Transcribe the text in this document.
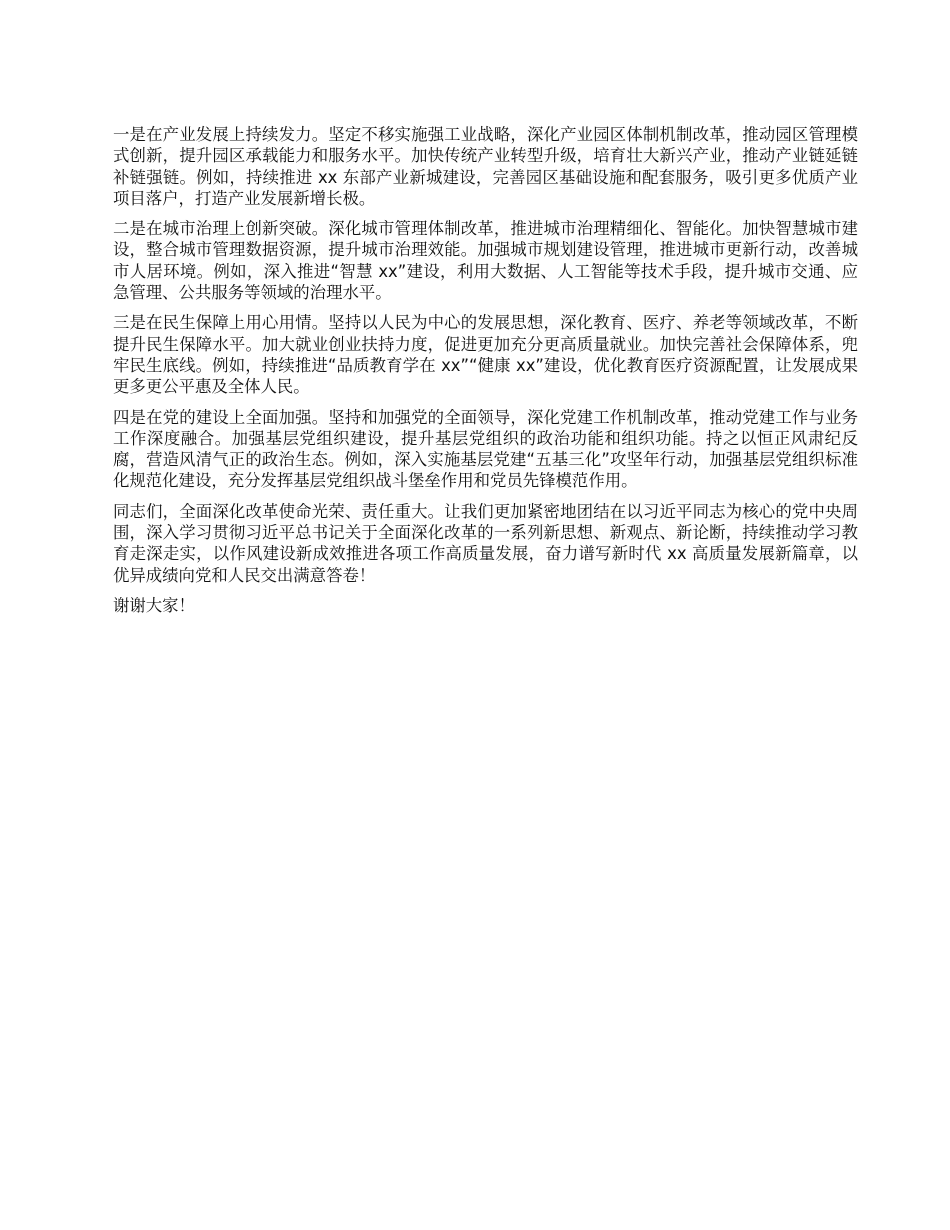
一是在产业发展上持续发力。坚定不移实施强工业战略，深化产业园区体制机制改革，推动园区管理模式创新，提升园区承载能力和服务水平。加快传统产业转型升级，培育壮大新兴产业，推动产业链延链补链强链。例如，持续推进 xx 东部产业新城建设，完善园区基础设施和配套服务，吸引更多优质产业项目落户，打造产业发展新增长极。

二是在城市治理上创新突破。深化城市管理体制改革，推进城市治理精细化、智能化。加快智慧城市建设，整合城市管理数据资源，提升城市治理效能。加强城市规划建设管理，推进城市更新行动，改善城市人居环境。例如，深入推进“智慧 xx”建设，利用大数据、人工智能等技术手段，提升城市交通、应急管理、公共服务等领域的治理水平。

三是在民生保障上用心用情。坚持以人民为中心的发展思想，深化教育、医疗、养老等领域改革，不断提升民生保障水平。加大就业创业扶持力度，促进更加充分更高质量就业。加快完善社会保障体系，兜牢民生底线。例如，持续推进“品质教育学在 xx”“健康 xx”建设，优化教育医疗资源配置，让发展成果更多更公平惠及全体人民。

四是在党的建设上全面加强。坚持和加强党的全面领导，深化党建工作机制改革，推动党建工作与业务工作深度融合。加强基层党组织建设，提升基层党组织的政治功能和组织功能。持之以恒正风肃纪反腐，营造风清气正的政治生态。例如，深入实施基层党建“五基三化”攻坚年行动，加强基层党组织标准化规范化建设，充分发挥基层党组织战斗堡垒作用和党员先锋模范作用。

同志们，全面深化改革使命光荣、责任重大。让我们更加紧密地团结在以习近平同志为核心的党中央周围，深入学习贯彻习近平总书记关于全面深化改革的一系列新思想、新观点、新论断，持续推动学习教育走深走实，以作风建设新成效推进各项工作高质量发展，奋力谱写新时代 xx 高质量发展新篇章，以优异成绩向党和人民交出满意答卷！

谢谢大家！
